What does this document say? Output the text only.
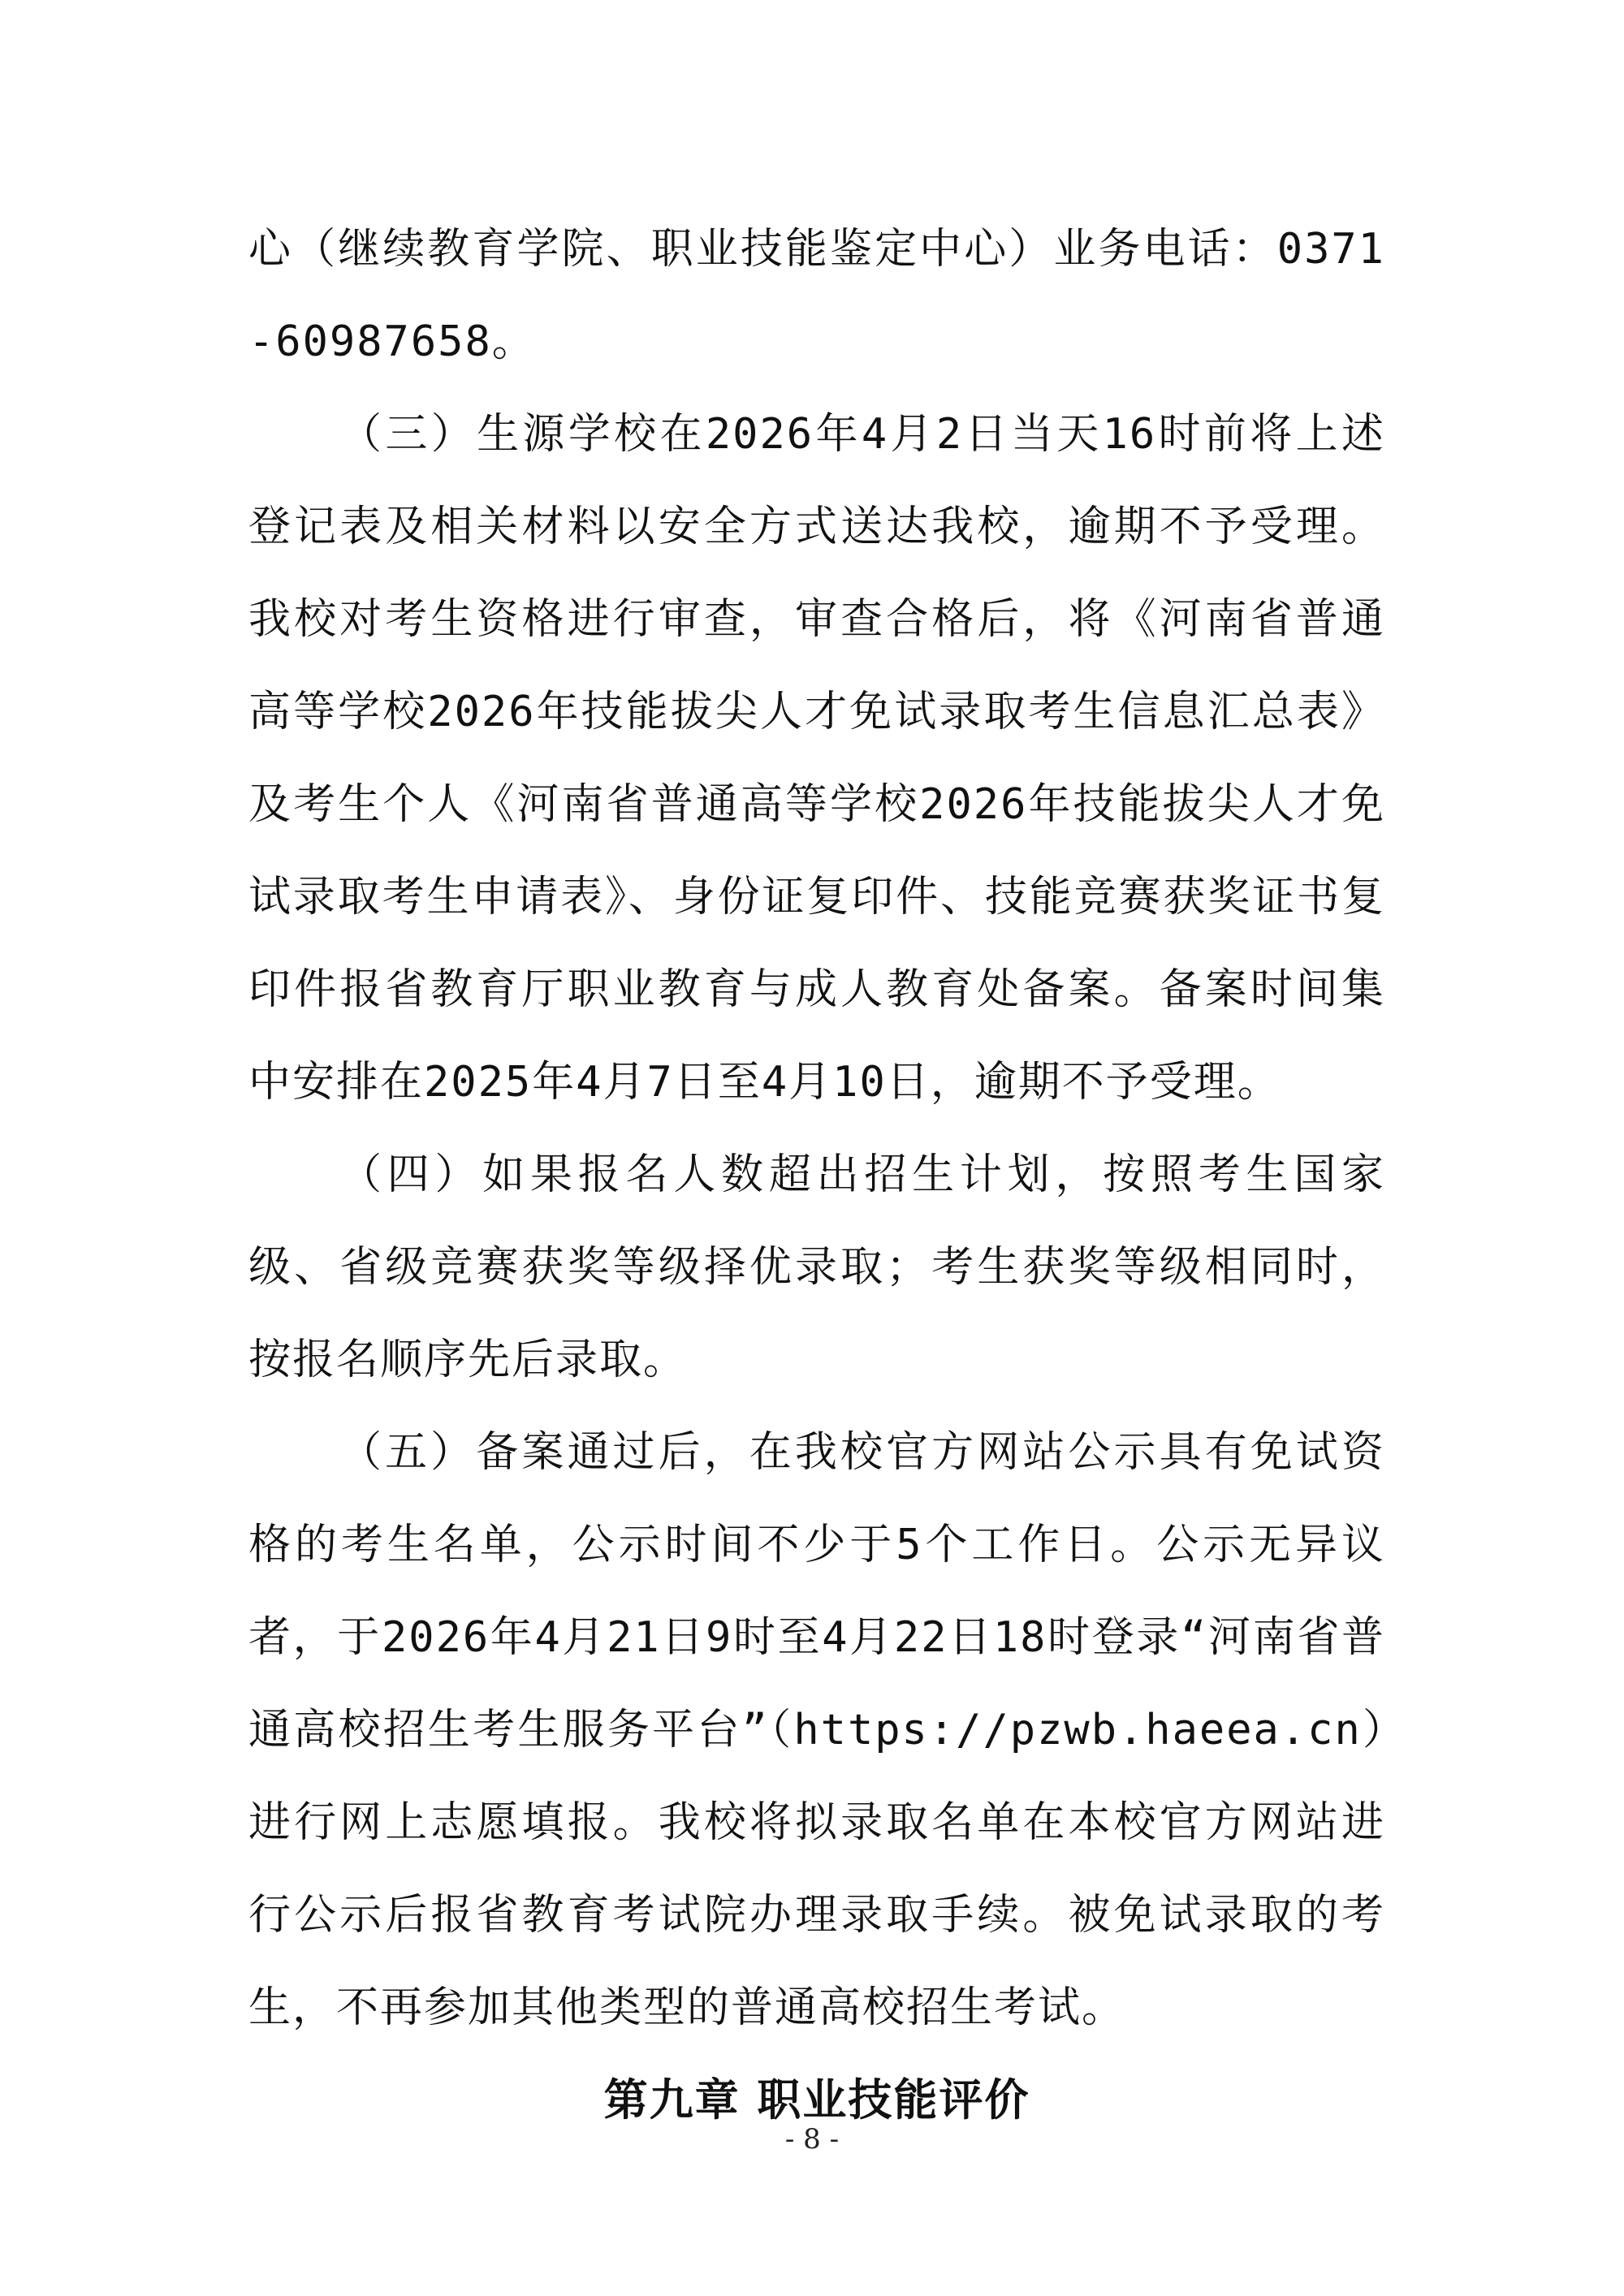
心（继续教育学院、职业技能鉴定中心）业务电话：0371-60987658。

（三）生源学校在2026年4月2日当天16时前将上述登记表及相关材料以安全方式送达我校，逾期不予受理。我校对考生资格进行审查，审查合格后，将《河南省普通高等学校2026年技能拔尖人才免试录取考生信息汇总表》及考生个人《河南省普通高等学校2026年技能拔尖人才免试录取考生申请表》、身份证复印件、技能竞赛获奖证书复印件报省教育厅职业教育与成人教育处备案。备案时间集中安排在2025年4月7日至4月10日，逾期不予受理。

（四）如果报名人数超出招生计划，按照考生国家级、省级竞赛获奖等级择优录取；考生获奖等级相同时，按报名顺序先后录取。

（五）备案通过后，在我校官方网站公示具有免试资格的考生名单，公示时间不少于5个工作日。公示无异议者，于2026年4月21日9时至4月22日18时登录“河南省普通高校招生考生服务平台”（https://pzwb.haeea.cn）进行网上志愿填报。我校将拟录取名单在本校官方网站进行公示后报省教育考试院办理录取手续。被免试录取的考生，不再参加其他类型的普通高校招生考试。

第九章 职业技能评价
- 8 -
